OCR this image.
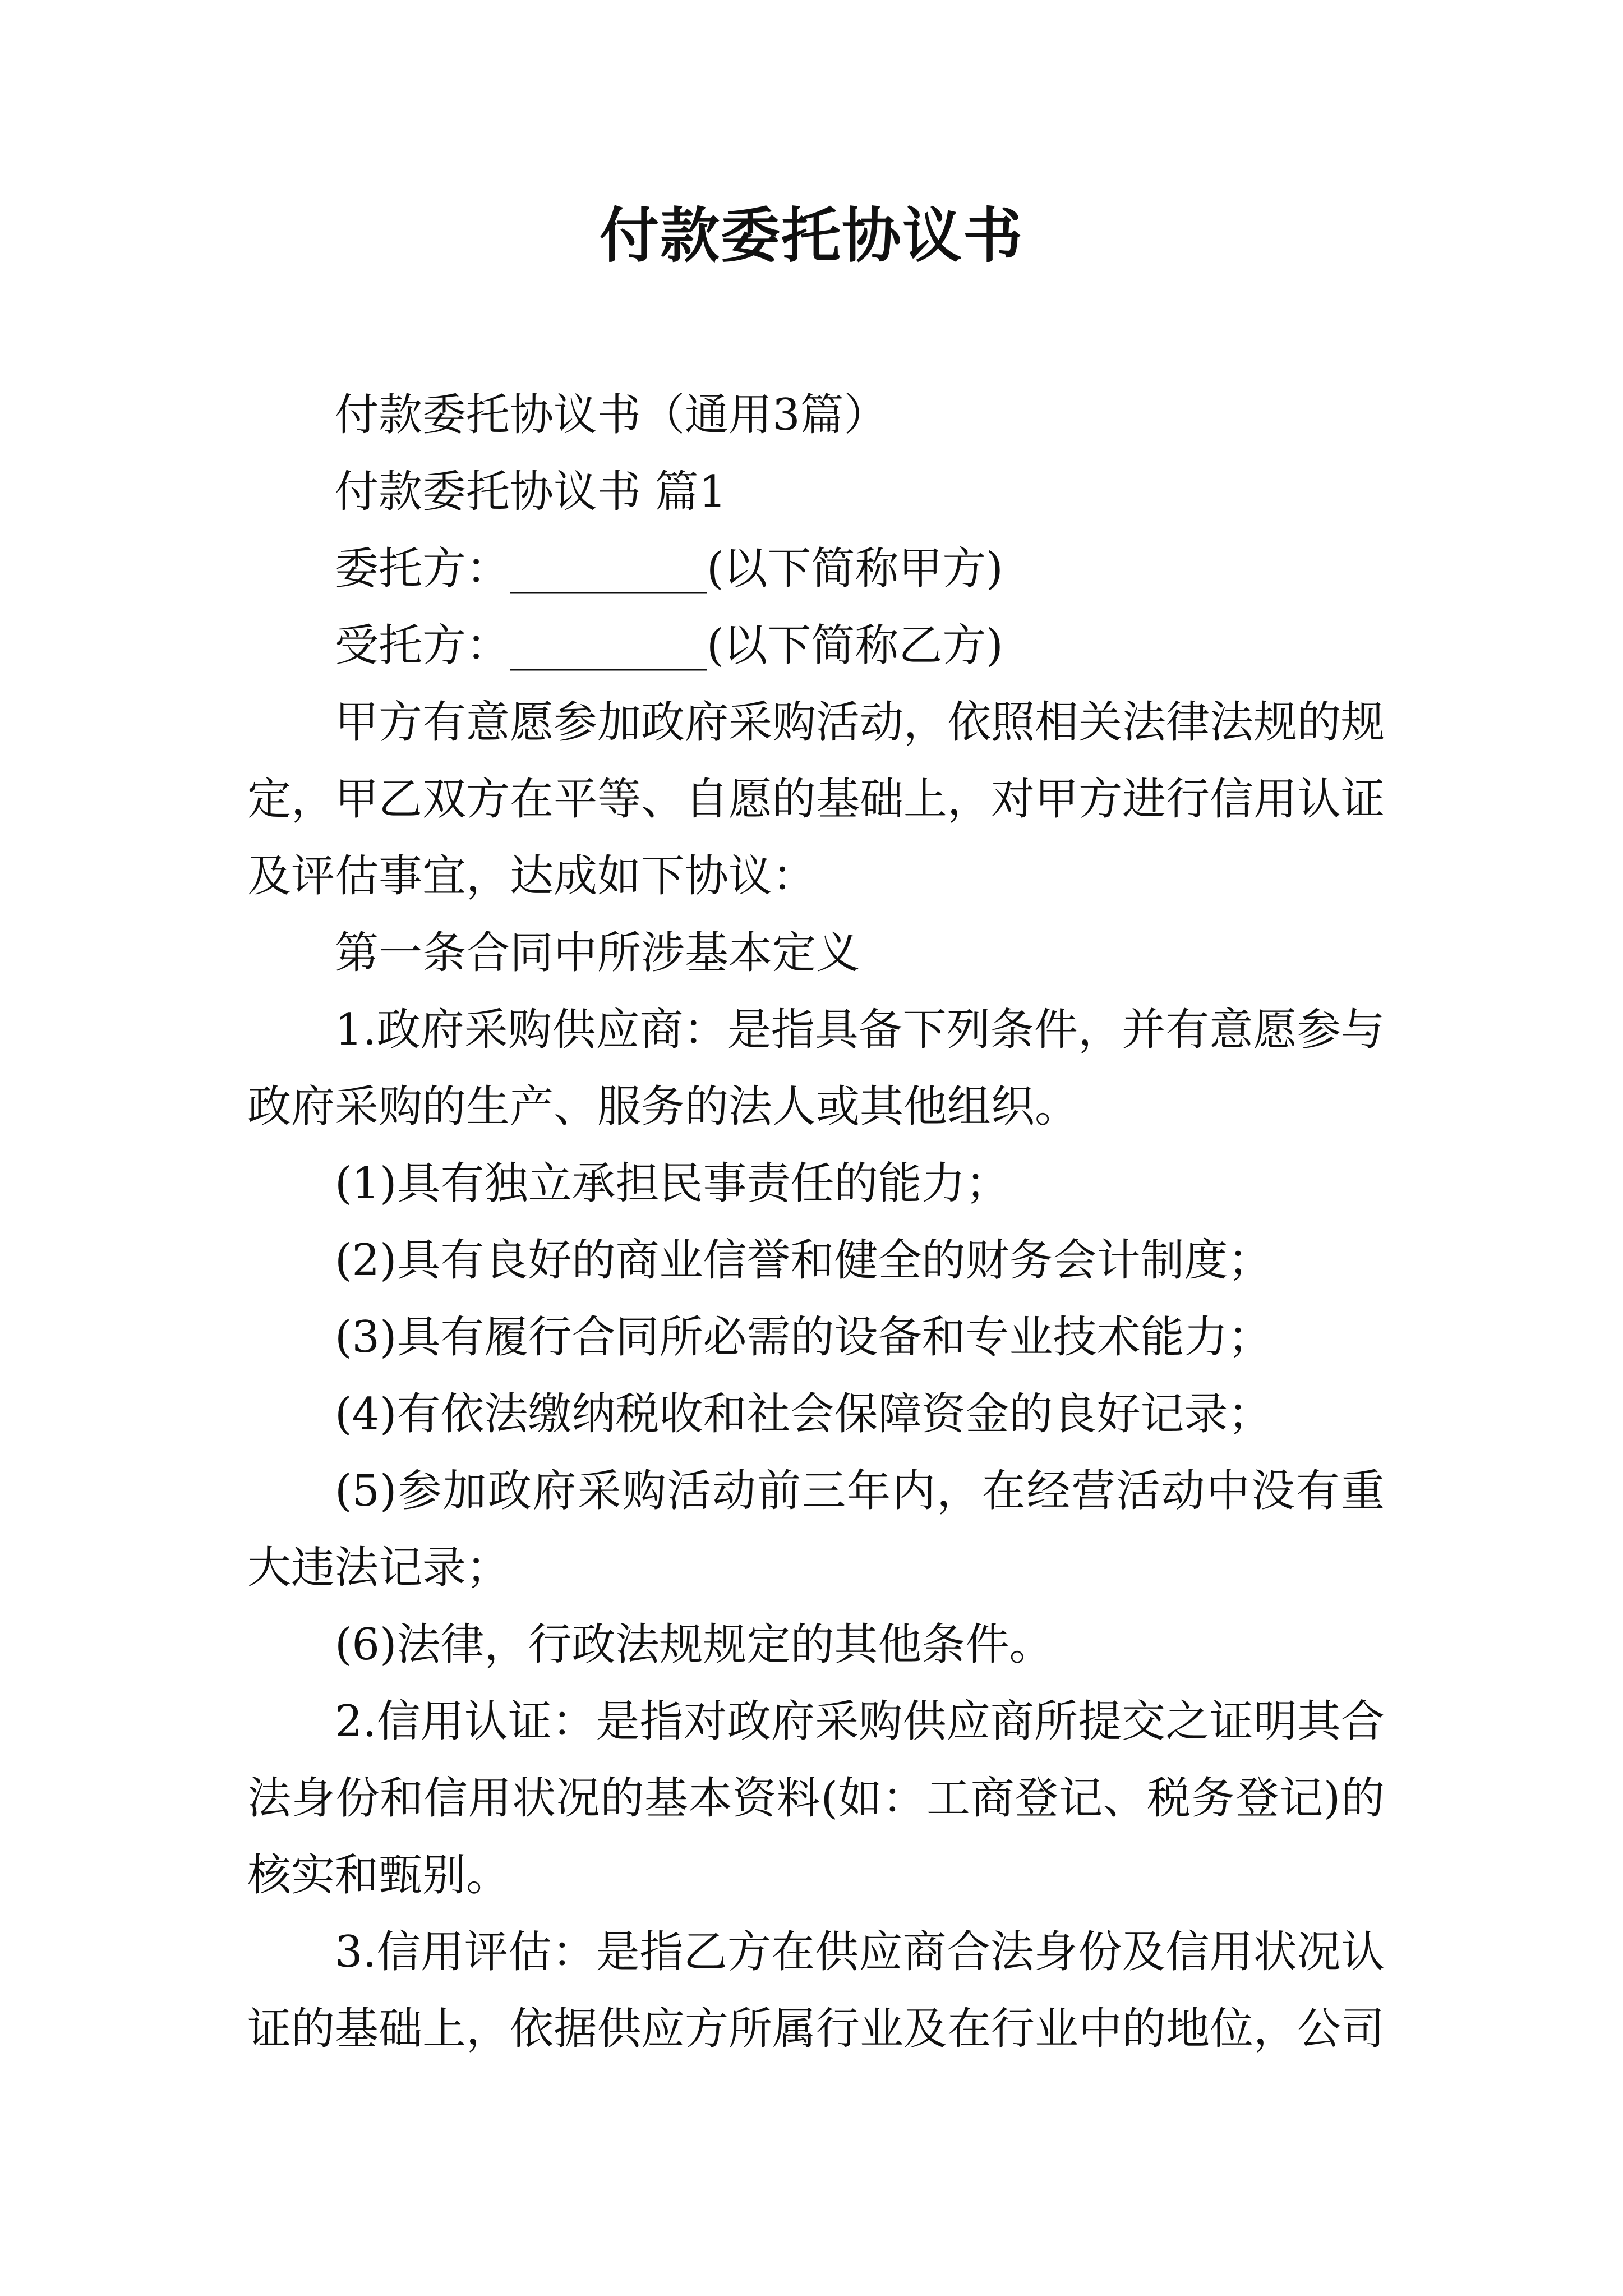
付款委托协议书
付款委托协议书（通用3篇）
付款委托协议书 篇1
委托方：_________(以下简称甲方)
受托方：_________(以下简称乙方)
甲方有意愿参加政府采购活动，依照相关法律法规的规
定，甲乙双方在平等、自愿的基础上，对甲方进行信用认证
及评估事宜，达成如下协议：
第一条合同中所涉基本定义
1.政府采购供应商：是指具备下列条件，并有意愿参与
政府采购的生产、服务的法人或其他组织。
(1)具有独立承担民事责任的能力；
(2)具有良好的商业信誉和健全的财务会计制度；
(3)具有履行合同所必需的设备和专业技术能力；
(4)有依法缴纳税收和社会保障资金的良好记录；
(5)参加政府采购活动前三年内，在经营活动中没有重
大违法记录；
(6)法律，行政法规规定的其他条件。
2.信用认证：是指对政府采购供应商所提交之证明其合
法身份和信用状况的基本资料(如：工商登记、税务登记)的
核实和甄别。
3.信用评估：是指乙方在供应商合法身份及信用状况认
证的基础上，依据供应方所属行业及在行业中的地位，公司
